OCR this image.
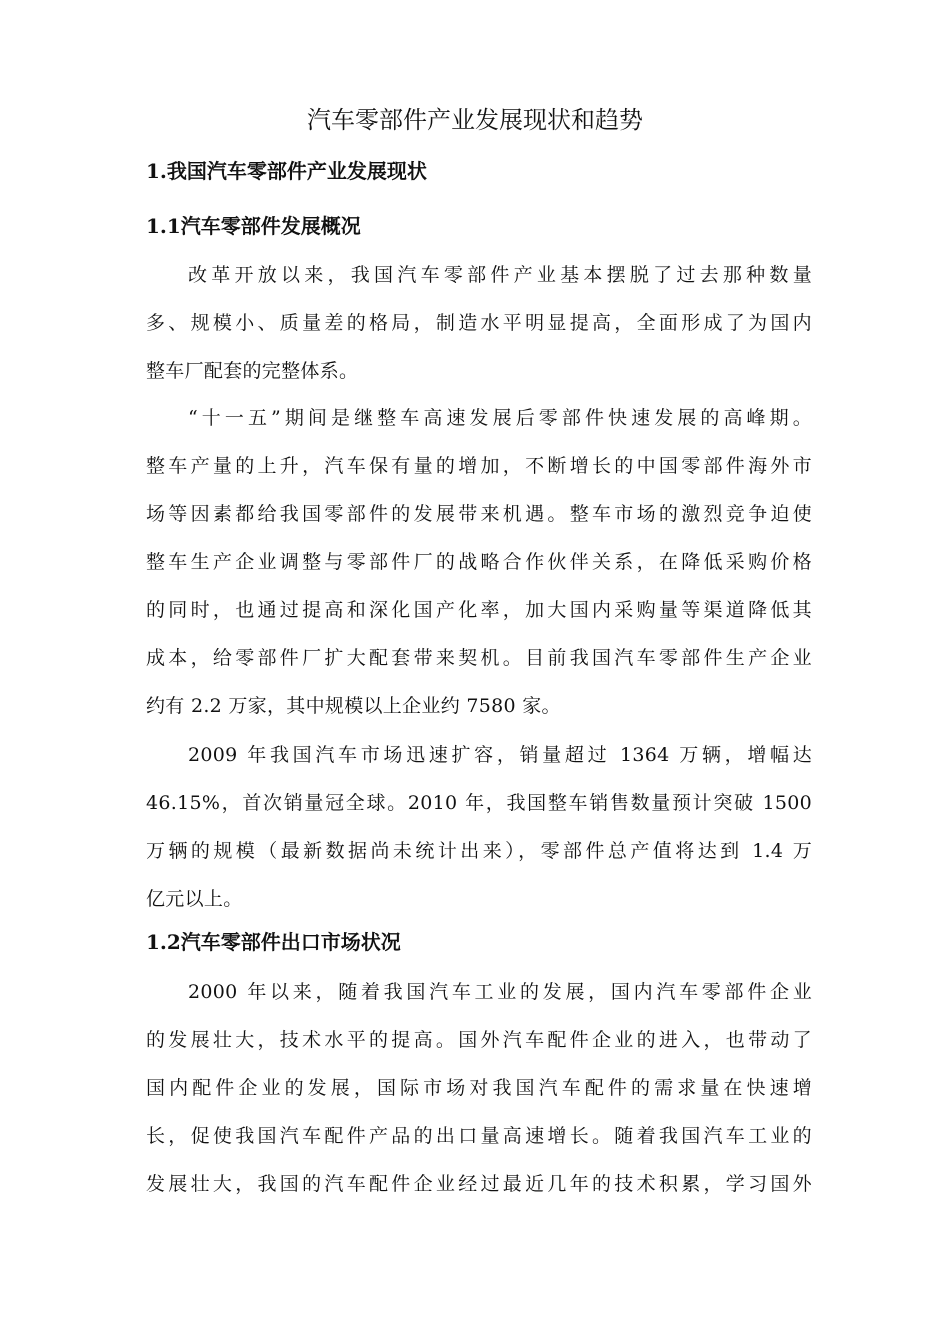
汽车零部件产业发展现状和趋势
1.我国汽车零部件产业发展现状
1.1汽车零部件发展概况

改革开放以来，我国汽车零部件产业基本摆脱了过去那种数量
多、规模小、质量差的格局，制造水平明显提高，全面形成了为国内
整车厂配套的完整体系。

“十一五”期间是继整车高速发展后零部件快速发展的高峰期。
整车产量的上升，汽车保有量的增加，不断增长的中国零部件海外市
场等因素都给我国零部件的发展带来机遇。整车市场的激烈竞争迫使
整车生产企业调整与零部件厂的战略合作伙伴关系，在降低采购价格
的同时，也通过提高和深化国产化率，加大国内采购量等渠道降低其
成本，给零部件厂扩大配套带来契机。目前我国汽车零部件生产企业
约有 2.2 万家，其中规模以上企业约 7580 家。

2009 年我国汽车市场迅速扩容，销量超过 1364 万辆，增幅达
46.15%，首次销量冠全球。2010 年，我国整车销售数量预计突破 1500
万辆的规模（最新数据尚未统计出来），零部件总产值将达到 1.4 万
亿元以上。

1.2汽车零部件出口市场状况

2000 年以来，随着我国汽车工业的发展，国内汽车零部件企业
的发展壮大，技术水平的提高。国外汽车配件企业的进入，也带动了
国内配件企业的发展，国际市场对我国汽车配件的需求量在快速增
长，促使我国汽车配件产品的出口量高速增长。随着我国汽车工业的
发展壮大，我国的汽车配件企业经过最近几年的技术积累，学习国外
